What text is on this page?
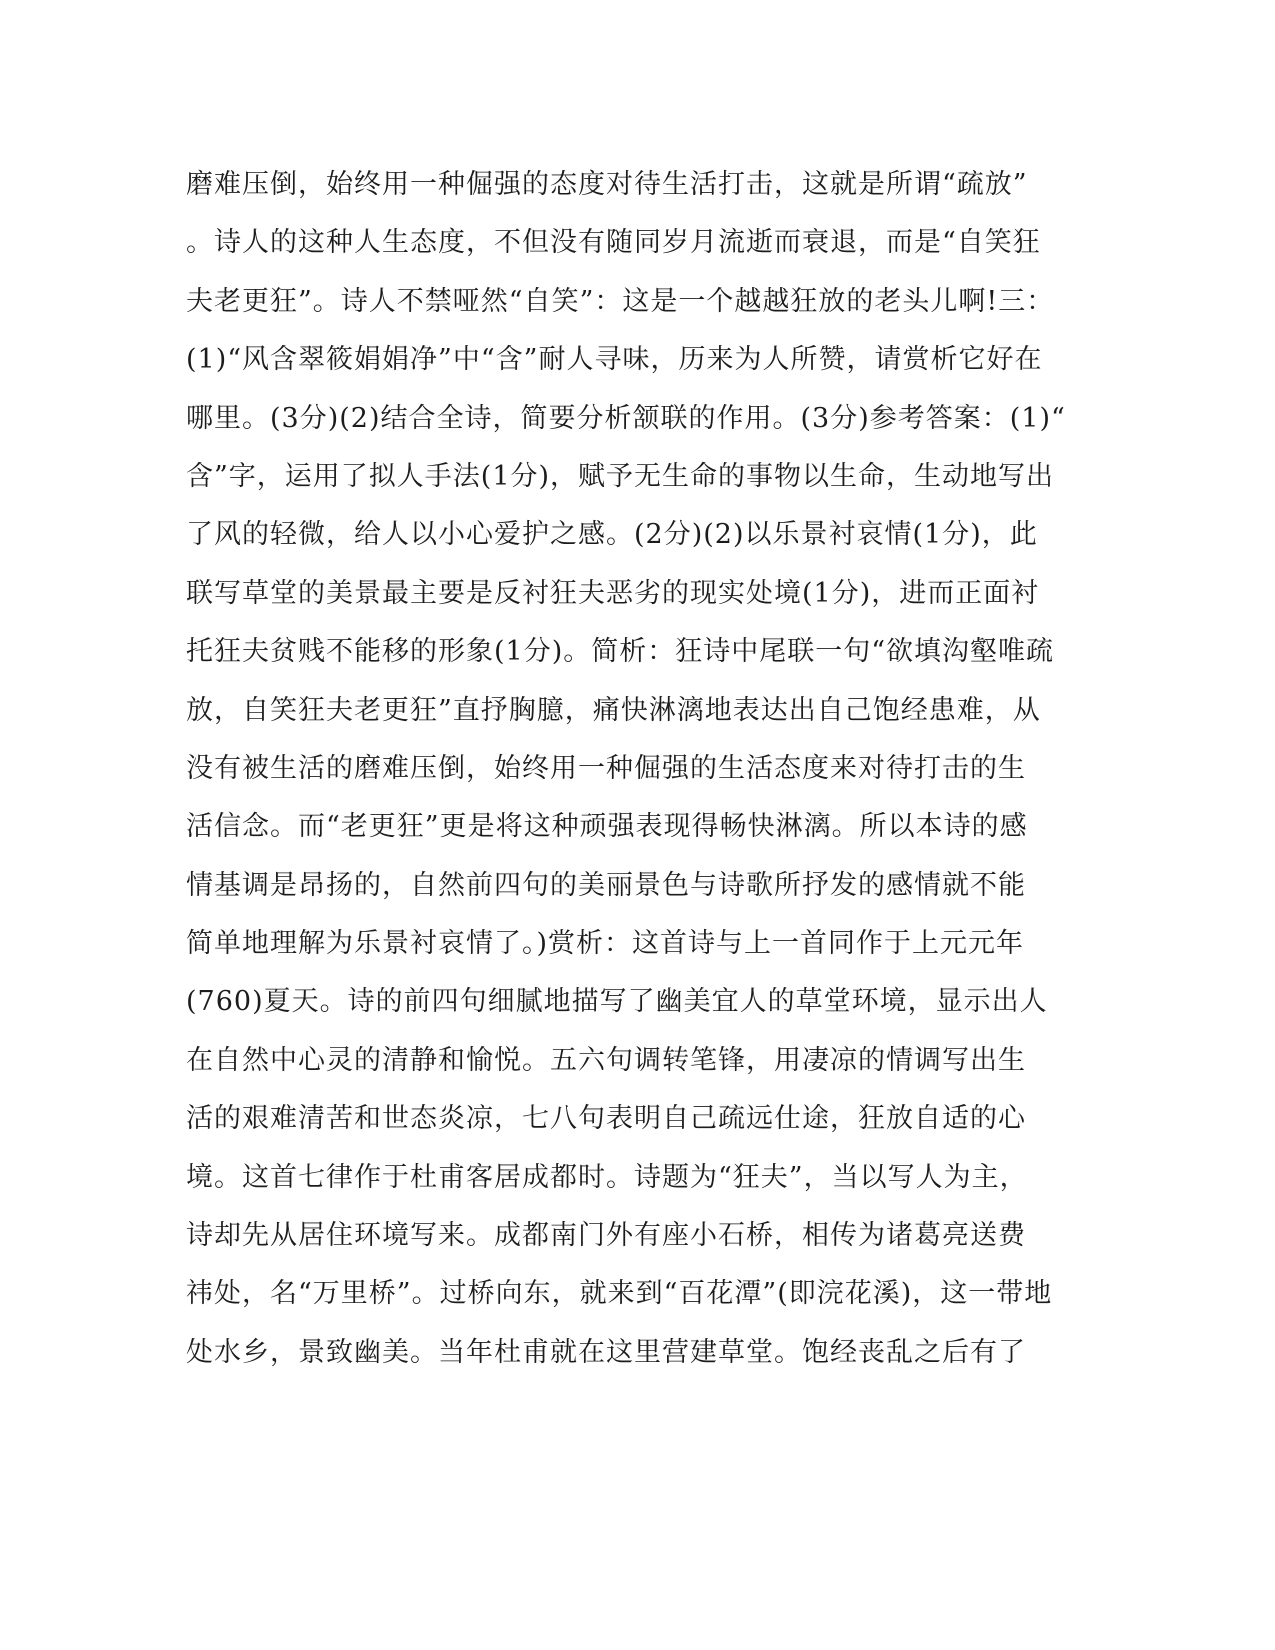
磨难压倒，始终用一种倔强的态度对待生活打击，这就是所谓“疏放”
。诗人的这种人生态度，不但没有随同岁月流逝而衰退，而是“自笑狂
夫老更狂”。诗人不禁哑然“自笑”：这是一个越越狂放的老头儿啊!三：
(1)“风含翠筱娟娟净”中“含”耐人寻味，历来为人所赞，请赏析它好在
哪里。(3分)(2)结合全诗，简要分析颔联的作用。(3分)参考答案：(1)“
含”字，运用了拟人手法(1分)，赋予无生命的事物以生命，生动地写出
了风的轻微，给人以小心爱护之感。(2分)(2)以乐景衬哀情(1分)，此
联写草堂的美景最主要是反衬狂夫恶劣的现实处境(1分)，进而正面衬
托狂夫贫贱不能移的形象(1分)。简析：狂诗中尾联一句“欲填沟壑唯疏
放，自笑狂夫老更狂”直抒胸臆，痛快淋漓地表达出自己饱经患难，从
没有被生活的磨难压倒，始终用一种倔强的生活态度来对待打击的生
活信念。而“老更狂”更是将这种顽强表现得畅快淋漓。所以本诗的感
情基调是昂扬的，自然前四句的美丽景色与诗歌所抒发的感情就不能
简单地理解为乐景衬哀情了。)赏析：这首诗与上一首同作于上元元年
(760)夏天。诗的前四句细腻地描写了幽美宜人的草堂环境，显示出人
在自然中心灵的清静和愉悦。五六句调转笔锋，用凄凉的情调写出生
活的艰难清苦和世态炎凉，七八句表明自己疏远仕途，狂放自适的心
境。这首七律作于杜甫客居成都时。诗题为“狂夫”，当以写人为主，
诗却先从居住环境写来。成都南门外有座小石桥，相传为诸葛亮送费
祎处，名“万里桥”。过桥向东，就来到“百花潭”(即浣花溪)，这一带地
处水乡，景致幽美。当年杜甫就在这里营建草堂。饱经丧乱之后有了
